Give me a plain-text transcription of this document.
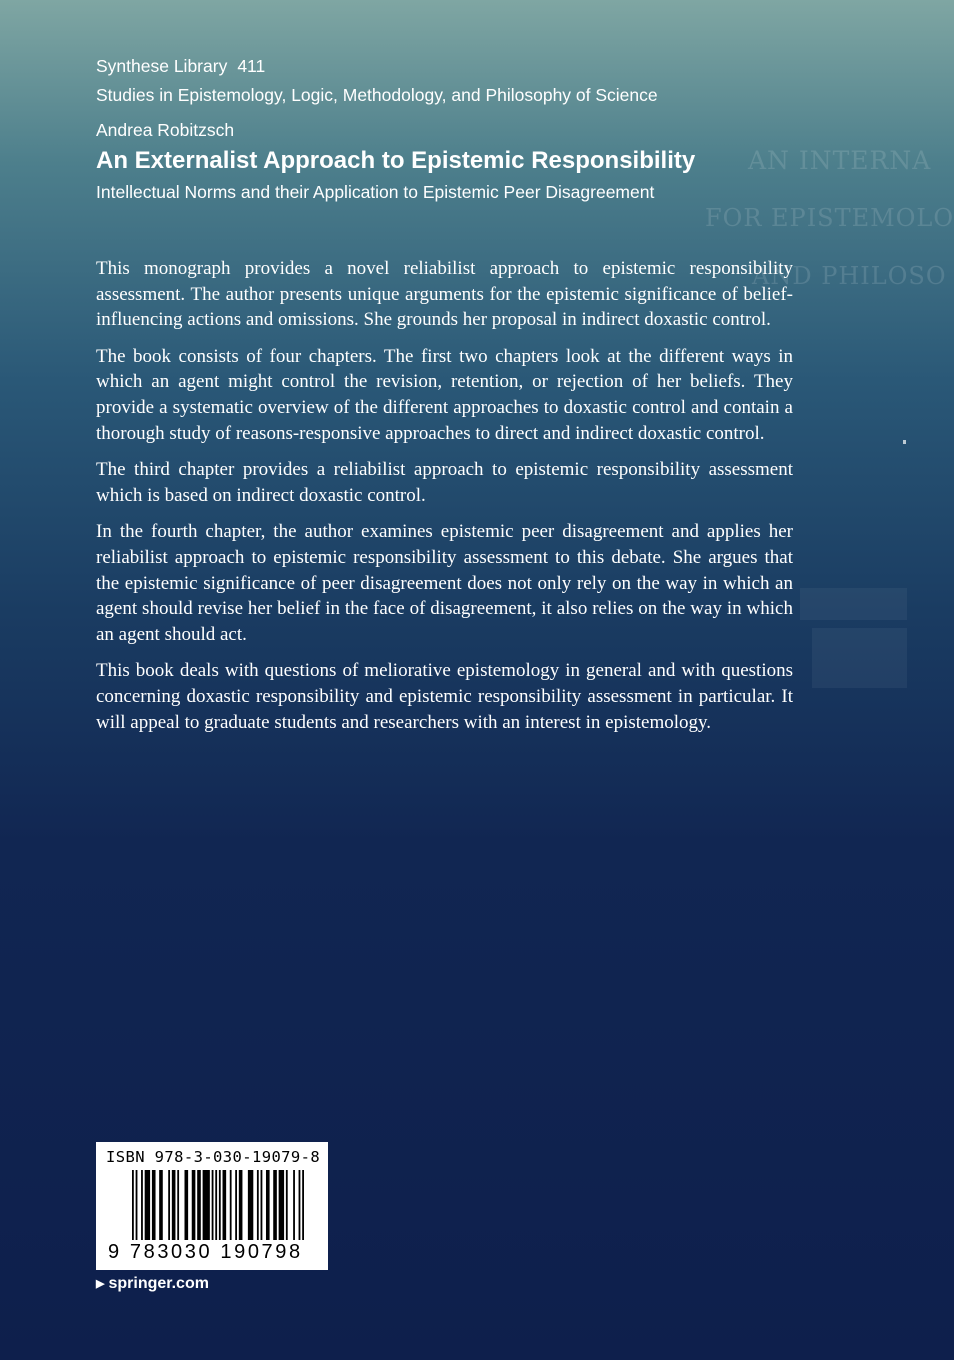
AN INTERNA
FOR EPISTEMOLO
AND PHILOSO
Synthese Library 411
Studies in Epistemology, Logic, Methodology, and Philosophy of Science
Andrea Robitzsch
An Externalist Approach to Epistemic Responsibility
Intellectual Norms and their Application to Epistemic Peer Disagreement

This monograph provides a novel reliabilist approach to epistemic responsibility assessment. The author presents unique arguments for the epistemic significance of belief-influencing actions and omissions. She grounds her proposal in indirect doxastic control.

The book consists of four chapters. The first two chapters look at the different ways in which an agent might control the revision, retention, or rejection of her beliefs. They provide a systematic overview of the different approaches to doxastic control and contain a thorough study of reasons-responsive approaches to direct and indirect doxastic control.

The third chapter provides a reliabilist approach to epistemic responsibility assessment which is based on indirect doxastic control.

In the fourth chapter, the author examines epistemic peer disagreement and applies her reliabilist approach to epistemic responsibility assessment to this debate. She argues that the epistemic significance of peer disagreement does not only rely on the way in which an agent should revise her belief in the face of disagreement, it also relies on the way in which an agent should act.

This book deals with questions of meliorative epistemology in general and with questions concerning doxastic responsibility and epistemic responsibility assessment in particular. It will appeal to graduate students and researchers with an interest in epistemology.

ISBN 978-3-030-19079-8
9 783030 190798
▶ springer.com
